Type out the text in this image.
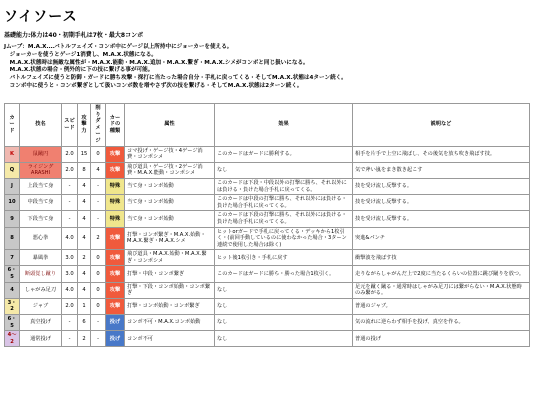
ソイソース
基礎能力:体力は40・初期手札は7枚・最大8コンボ
Jムーブ：M.A.X.…バトルフェイズ・コンボ中にゲージ以上所持中にジョーカーを使える。
　ジョーカーを使うとゲージ1消費し、M.A.X.状態になる。
　M.A.X.状態時は無敵な属性が・M.A.X.能動・M.A.X.追加・M.A.X.繋ぎ・M.A.X.シメがコンボと同じ扱いになる。
　M.A.X.状態の場合・例外的に下の技に繋げる事が可能。
　バトルフェイズに使うと防御・ガードに勝ち攻撃・探打に当たった場合自分・手札に戻ってくる・そしてM.A.X.状態は4ターン続く。
　コンボ中に使うと・コンボ繋ぎとして扱いコンボ数を増やさず次の技を繋げる・そしてM.A.X.状態は2ターン続く。
カード	技名	スピード	攻撃力	削りダメージ	カードの種類	属性	効果	説明など
K	鼠蹴円	2.0	15	0	攻撃	コマ投げ・ゲージ技・4ゲージ消費・コンボシメ	このカードはガードに勝利する。	相手を片手で上空に飛ばし、その後気を放ち吹き飛ばす技。
Q	ライジングARASHI	2.0	8	4	攻撃	飛び道具・ゲージ技・2ゲージ消費・M.A.X.能動・コンボシメ	なし	気で斧い嵐をまき散き起こす
J	上段当て身	-	4	-	特殊	当て身・コンボ始動	このカードは下段・中段以外の打撃に勝ち、それ以外には負ける・負けた場合手札に戻ってくる。	技を受け流し反撃する。
10	中段当て身	-	4	-	特殊	当て身・コンボ始動	このカードは中段の打撃に勝ち、それ以外には負ける・負けた場合手札に戻ってくる。	技を受け流し反撃する。
9	下段当て身	-	4	-	特殊	当て身・コンボ始動	このカードは下段の打撃に勝ち、それ以外には負ける・負けた場合手札に戻ってくる。	技を受け流し反撃する。
8	悪心拳	4.0	4	2	攻撃	打撃・コンボ繋ぎ・M.A.X.始動・M.A.X.繋ぎ・M.A.X.シメ	ヒットorガードで手札に戻ってくる・デッキから1枚引く・(前回手動しているのに使わなかった場合・3ターン連続で使用した場合は除く)	突進&パンチ
7	暴風拳	3.0	2	0	攻撃	飛び道具・M.A.X.始動・M.A.X.繋ぎ・コンボシメ	ヒット後1枚引き・手札に戻す	衝撃波を飛ばす技
6・5	断頭覚し蹴り	3.0	4	0	攻撃	打撃・中段・コンボ繋ぎ	このカードはガードに勝ち・勝った場合1枚引く。	走りながらしゃがんだ上で2度に当たるくらいの位置に跳び蹴りを放つ。
4	しゃがみ足刀	4.0	4	0	攻撃	打撃・下段・コンボ始動・コンボ繋ぎ	なし	足元を蹴く蹴る・通常時はしゃがみ足刀には繋がらない・M.A.X.状態時のみ繋がる。
3・2	ジャブ	2.0	1	0	攻撃	打撃・コンボ始動・コンボ繋ぎ	なし	普通のジャブ。
6・5	真空投げ	-	6	-	投げ	コンボ不可・M.A.X.コンボ始動	なし	気の流れに逆らわず相手を投げ、真空を作る。
4～2	通常投げ	-	2	-	投げ	コンボ不可	なし	普通の投げ
